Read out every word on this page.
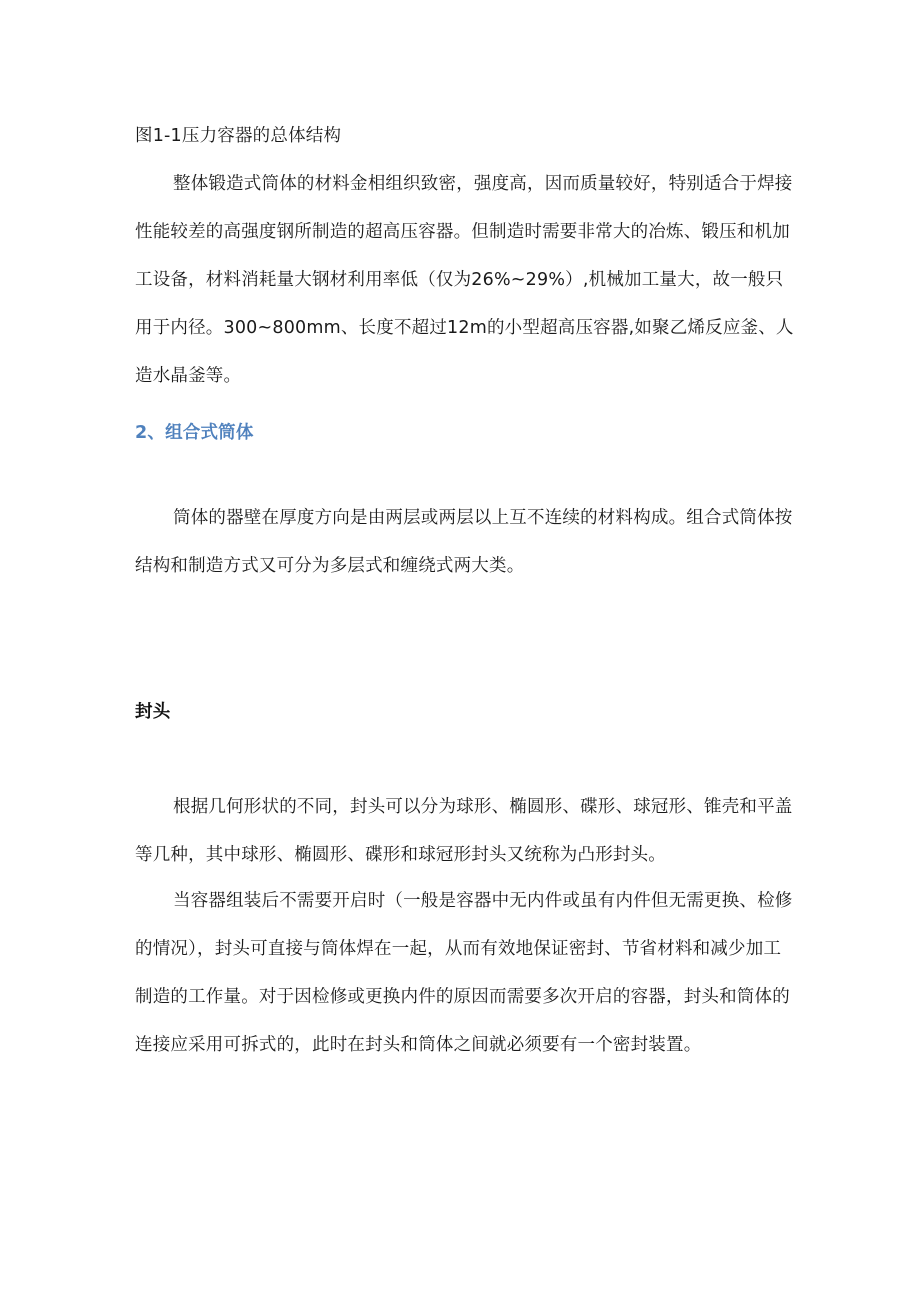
图1-1压力容器的总体结构

整体锻造式筒体的材料金相组织致密，强度高，因而质量较好，特别适合于焊接性能较差的高强度钢所制造的超高压容器。但制造时需要非常大的冶炼、锻压和机加工设备，材料消耗量大钢材利用率低（仅为26%~29%）,机械加工量大，故一般只用于内径。300~800mm、长度不超过12m的小型超高压容器,如聚乙烯反应釜、人造水晶釜等。

2、组合式筒体

筒体的器壁在厚度方向是由两层或两层以上互不连续的材料构成。组合式筒体按结构和制造方式又可分为多层式和缠绕式两大类。

封头

根据几何形状的不同，封头可以分为球形、椭圆形、碟形、球冠形、锥壳和平盖等几种，其中球形、椭圆形、碟形和球冠形封头又统称为凸形封头。

当容器组装后不需要开启时（一般是容器中无内件或虽有内件但无需更换、检修的情况），封头可直接与筒体焊在一起，从而有效地保证密封、节省材料和减少加工制造的工作量。对于因检修或更换内件的原因而需要多次开启的容器，封头和筒体的连接应采用可拆式的，此时在封头和筒体之间就必须要有一个密封装置。
